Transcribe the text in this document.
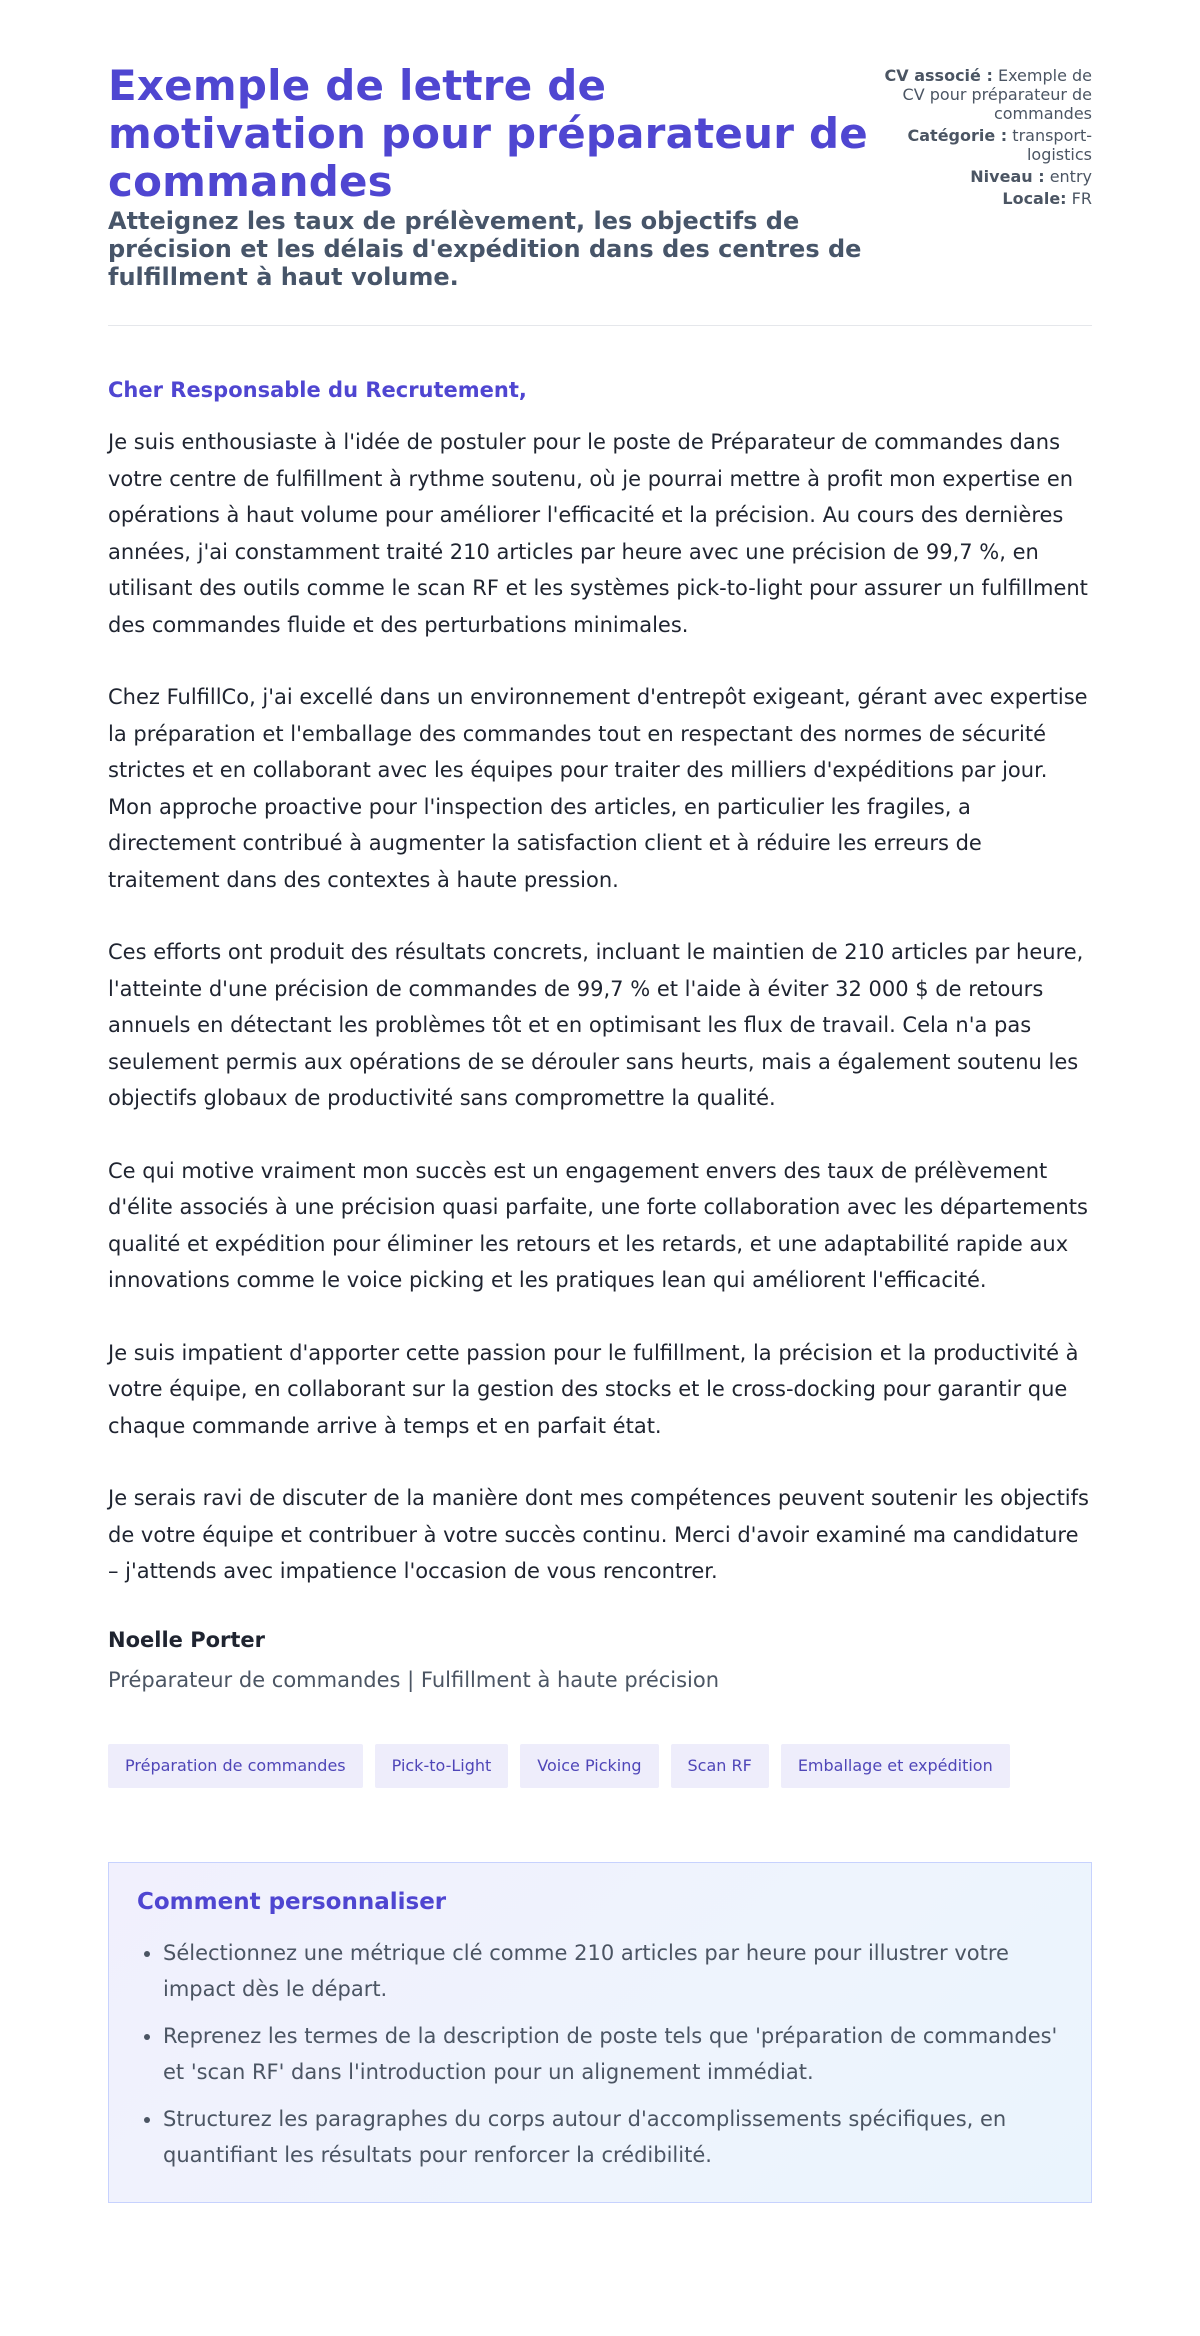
Exemple de lettre de motivation pour préparateur de commandes
Atteignez les taux de prélèvement, les objectifs de précision et les délais d'expédition dans des centres de fulfillment à haut volume.
CV associé : Exemple de CV pour préparateur de commandes
Catégorie : transport-logistics
Niveau : entry
Locale: FR
Cher Responsable du Recrutement,

Je suis enthousiaste à l'idée de postuler pour le poste de Préparateur de commandes dans votre centre de fulfillment à rythme soutenu, où je pourrai mettre à profit mon expertise en opérations à haut volume pour améliorer l'efficacité et la précision. Au cours des dernières années, j'ai constamment traité 210 articles par heure avec une précision de 99,7 %, en utilisant des outils comme le scan RF et les systèmes pick-to-light pour assurer un fulfillment des commandes fluide et des perturbations minimales.

Chez FulfillCo, j'ai excellé dans un environnement d'entrepôt exigeant, gérant avec expertise la préparation et l'emballage des commandes tout en respectant des normes de sécurité strictes et en collaborant avec les équipes pour traiter des milliers d'expéditions par jour. Mon approche proactive pour l'inspection des articles, en particulier les fragiles, a directement contribué à augmenter la satisfaction client et à réduire les erreurs de traitement dans des contextes à haute pression.

Ces efforts ont produit des résultats concrets, incluant le maintien de 210 articles par heure, l'atteinte d'une précision de commandes de 99,7 % et l'aide à éviter 32 000 $ de retours annuels en détectant les problèmes tôt et en optimisant les flux de travail. Cela n'a pas seulement permis aux opérations de se dérouler sans heurts, mais a également soutenu les objectifs globaux de productivité sans compromettre la qualité.

Ce qui motive vraiment mon succès est un engagement envers des taux de prélèvement d'élite associés à une précision quasi parfaite, une forte collaboration avec les départements qualité et expédition pour éliminer les retours et les retards, et une adaptabilité rapide aux innovations comme le voice picking et les pratiques lean qui améliorent l'efficacité.

Je suis impatient d'apporter cette passion pour le fulfillment, la précision et la productivité à votre équipe, en collaborant sur la gestion des stocks et le cross-docking pour garantir que chaque commande arrive à temps et en parfait état.

Je serais ravi de discuter de la manière dont mes compétences peuvent soutenir les objectifs de votre équipe et contribuer à votre succès continu. Merci d'avoir examiné ma candidature – j'attends avec impatience l'occasion de vous rencontrer.

Noelle Porter
Préparateur de commandes | Fulfillment à haute précision
Préparation de commandes	Pick-to-Light	Voice Picking	Scan RF	Emballage et expédition
Comment personnaliser
• Sélectionnez une métrique clé comme 210 articles par heure pour illustrer votre impact dès le départ.
• Reprenez les termes de la description de poste tels que 'préparation de commandes' et 'scan RF' dans l'introduction pour un alignement immédiat.
• Structurez les paragraphes du corps autour d'accomplissements spécifiques, en quantifiant les résultats pour renforcer la crédibilité.
